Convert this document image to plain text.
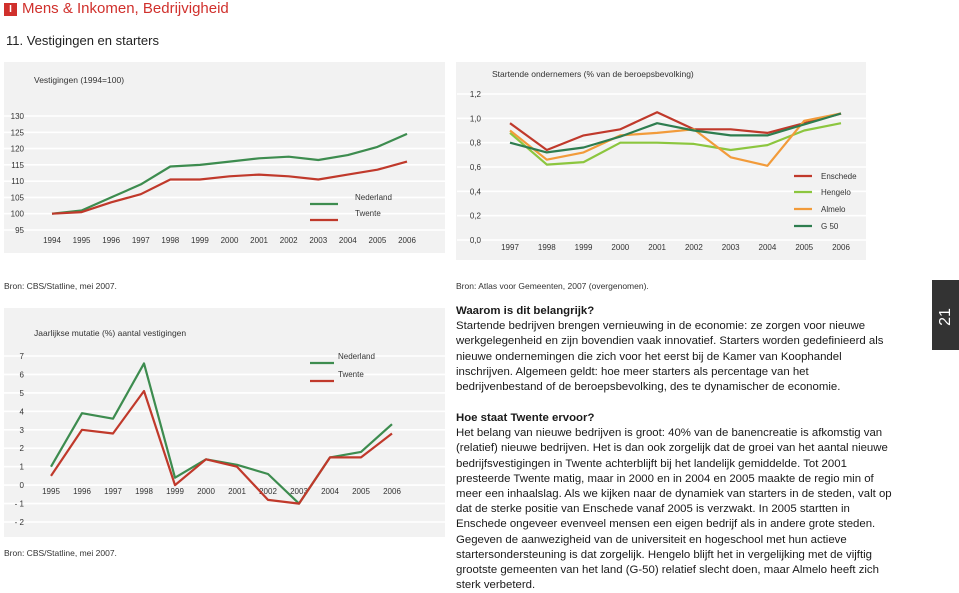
I Mens & Inkomen, Bedrijvigheid
11. Vestigingen en starters
Vestigingen (1994=100)
130
125
120
115
110
105
100
95
1994 1995 1996 1997 1998 1999 2000 2001 2002 2003 2004 2005 2006
Nederland
Twente
Startende ondernemers (% van de beroepsbevolking)
1,2
1,0
0,8
0,6
0,4
0,2
0,0
1997 1998 1999 2000 2001 2002 2003 2004 2005 2006
Enschede
Hengelo
Almelo
G 50
Jaarlijkse mutatie (%) aantal vestigingen
7
6
5
4
3
2
1
0
- 1
- 2
1995 1996 1997 1998 1999 2000 2001 2002 2003 2004 2005 2006
Nederland
Twente
Bron: CBS/Statline, mei 2007.	Bron: Atlas voor Gemeenten, 2007 (overgenomen).
Bron: CBS/Statline, mei 2007.
Waarom is dit belangrijk?

Startende bedrijven brengen vernieuwing in de economie: ze zorgen voor nieuwe werkgelegenheid en zijn bovendien vaak innovatief. Starters worden gedefinieerd als nieuwe ondernemingen die zich voor het eerst bij de Kamer van Koophandel inschrijven. Algemeen geldt: hoe meer starters als percentage van het bedrijvenbestand of de beroepsbevolking, des te dynamischer de economie.

Hoe staat Twente ervoor?

Het belang van nieuwe bedrijven is groot: 40% van de banencreatie is afkomstig van (relatief) nieuwe bedrijven. Het is dan ook zorgelijk dat de groei van het aantal nieuwe bedrijfsvestigingen in Twente achterblijft bij het landelijk gemiddelde. Tot 2001 presteerde Twente matig, maar in 2000 en in 2004 en 2005 maakte de regio min of meer een inhaalslag. Als we kijken naar de dynamiek van starters in de steden, valt op dat de sterke positie van Enschede vanaf 2005 is verzwakt. In 2005 startten in Enschede ongeveer evenveel mensen een eigen bedrijf als in andere grote steden. Gegeven de aanwezigheid van de universiteit en hogeschool met hun actieve startersondersteuning is dat zorgelijk. Hengelo blijft het in vergelijking met de vijftig grootste gemeenten van het land (G-50) relatief slecht doen, maar Almelo heeft zich sterk verbeterd.

21
